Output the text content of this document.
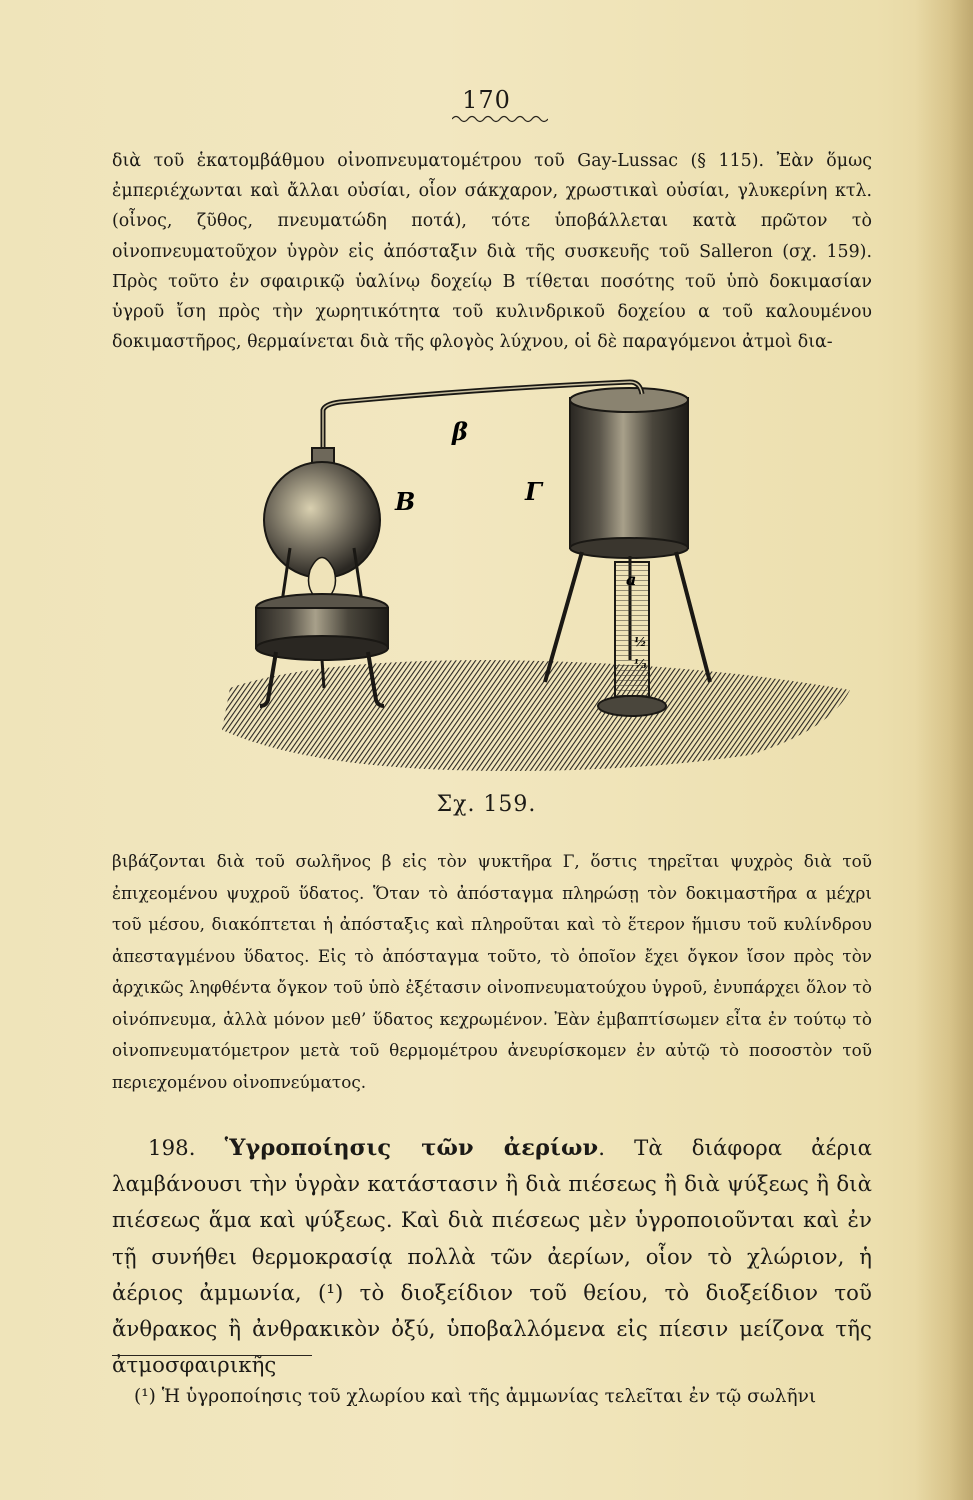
170

διὰ τοῦ ἑκατομβάθμου οἰνοπνευματομέτρου τοῦ Gay-Lussac (§ 115). Ἐὰν ὅμως ἐμπεριέχωνται καὶ ἄλλαι οὐσίαι, οἷον σάκχαρον, χρωστικαὶ οὐσίαι, γλυκερίνη κτλ. (οἶνος, ζῦθος, πνευματώδη ποτά), τότε ὑποβάλλεται κατὰ πρῶτον τὸ οἰνοπνευματοῦχον ὑγρὸν εἰς ἀπόσταξιν διὰ τῆς συσκευῆς τοῦ Salleron (σχ. 159). Πρὸς τοῦτο ἐν σφαιρικῷ ὑαλίνῳ δοχείῳ Β τίθεται ποσότης τοῦ ὑπὸ δοκιμασίαν ὑγροῦ ἴση πρὸς τὴν χωρητικότητα τοῦ κυλινδρικοῦ δοχείου α τοῦ καλουμένου δοκιμαστῆρος, θερμαίνεται διὰ τῆς φλογὸς λύχνου, οἱ δὲ παραγόμενοι ἀτμοὶ δια-

a
½
⅓
β
B	Γ
Σχ. 159.

βιβάζονται διὰ τοῦ σωλῆνος β εἰς τὸν ψυκτῆρα Γ, ὅστις τηρεῖται ψυχρὸς διὰ τοῦ ἐπιχεομένου ψυχροῦ ὕδατος. Ὅταν τὸ ἀπόσταγμα πληρώσῃ τὸν δοκιμαστῆρα α μέχρι τοῦ μέσου, διακόπτεται ἡ ἀπόσταξις καὶ πληροῦται καὶ τὸ ἕτερον ἥμισυ τοῦ κυλίνδρου ἀπεσταγμένου ὕδατος. Εἰς τὸ ἀπόσταγμα τοῦτο, τὸ ὁποῖον ἔχει ὄγκον ἴσον πρὸς τὸν ἀρχικῶς ληφθέντα ὄγκον τοῦ ὑπὸ ἐξέτασιν οἰνοπνευματούχου ὑγροῦ, ἐνυπάρχει ὅλον τὸ οἰνόπνευμα, ἀλλὰ μόνον μεθ’ ὕδατος κεχρωμένον. Ἐὰν ἐμβαπτίσωμεν εἶτα ἐν τούτῳ τὸ οἰνοπνευματόμετρον μετὰ τοῦ θερμομέτρου ἀνευρίσκομεν ἐν αὐτῷ τὸ ποσοστὸν τοῦ περιεχομένου οἰνοπνεύματος.

198. Ὑγροποίησις τῶν ἀερίων. Τὰ διάφορα ἀέρια λαμβάνουσι τὴν ὑγρὰν κατάστασιν ἢ διὰ πιέσεως ἢ διὰ ψύξεως ἢ διὰ πιέσεως ἅμα καὶ ψύξεως. Καὶ διὰ πιέσεως μὲν ὑγροποιοῦνται καὶ ἐν τῇ συνήθει θερμοκρασίᾳ πολλὰ τῶν ἀερίων, οἷον τὸ χλώριον, ἡ ἀέριος ἀμμωνία, (¹) τὸ διοξείδιον τοῦ θείου, τὸ διοξείδιον τοῦ ἄνθρακος ἢ ἀνθρακικὸν ὀξύ, ὑποβαλλόμενα εἰς πίεσιν μείζονα τῆς ἀτμοσφαιρικῆς

(¹) Ἡ ὑγροποίησις τοῦ χλωρίου καὶ τῆς ἀμμωνίας τελεῖται ἐν τῷ σωλῆνι
